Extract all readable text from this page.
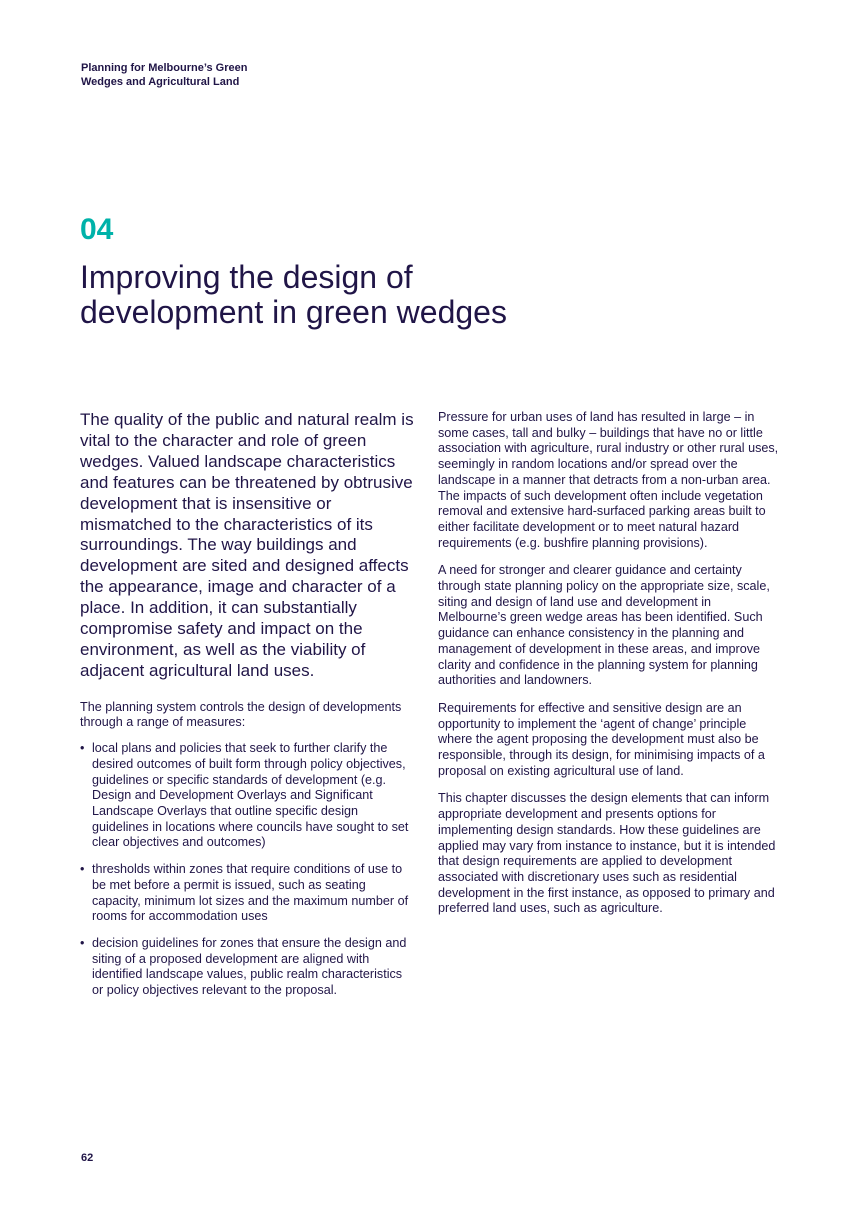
Planning for Melbourne’s Green
Wedges and Agricultural Land
04
Improving the design of
development in green wedges

The quality of the public and natural realm is vital to the character and role of green wedges. Valued landscape characteristics and features can be threatened by obtrusive development that is insensitive or mismatched to the characteristics of its surroundings. The way buildings and development are sited and designed affects the appearance, image and character of a place. In addition, it can substantially compromise safety and impact on the environment, as well as the viability of adjacent agricultural land uses.

The planning system controls the design of developments through a range of measures:

• local plans and policies that seek to further clarify the desired outcomes of built form through policy objectives, guidelines or specific standards of development (e.g. Design and Development Overlays and Significant Landscape Overlays that outline specific design guidelines in locations where councils have sought to set clear objectives and outcomes)
• thresholds within zones that require conditions of use to be met before a permit is issued, such as seating capacity, minimum lot sizes and the maximum number of rooms for accommodation uses
• decision guidelines for zones that ensure the design and siting of a proposed development are aligned with identified landscape values, public realm characteristics or policy objectives relevant to the proposal.

Pressure for urban uses of land has resulted in large – in some cases, tall and bulky – buildings that have no or little association with agriculture, rural industry or other rural uses, seemingly in random locations and/or spread over the landscape in a manner that detracts from a non-urban area. The impacts of such development often include vegetation removal and extensive hard-surfaced parking areas built to either facilitate development or to meet natural hazard requirements (e.g. bushfire planning provisions).

A need for stronger and clearer guidance and certainty through state planning policy on the appropriate size, scale, siting and design of land use and development in Melbourne’s green wedge areas has been identified. Such guidance can enhance consistency in the planning and management of development in these areas, and improve clarity and confidence in the planning system for planning authorities and landowners.

Requirements for effective and sensitive design are an opportunity to implement the ‘agent of change’ principle where the agent proposing the development must also be responsible, through its design, for minimising impacts of a proposal on existing agricultural use of land.

This chapter discusses the design elements that can inform appropriate development and presents options for implementing design standards. How these guidelines are applied may vary from instance to instance, but it is intended that design requirements are applied to development associated with discretionary uses such as residential development in the first instance, as opposed to primary and preferred land uses, such as agriculture.

62
